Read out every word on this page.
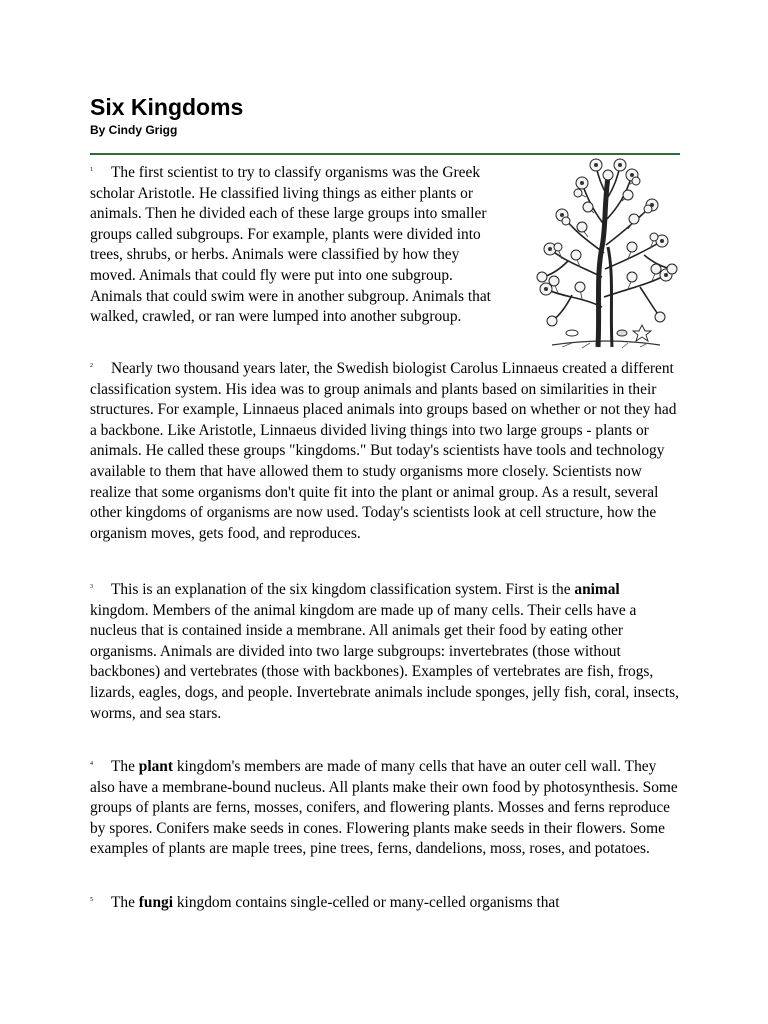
Six Kingdoms
By Cindy Grigg
$^1$ The first scientist to try to classify organisms was the Greek scholar Aristotle. He classified living things as either plants or animals. Then he divided each of these large groups into smaller groups called subgroups. For example, plants were divided into trees, shrubs, or herbs. Animals were classified by how they moved. Animals that could fly were put into one subgroup. Animals that could swim were in another subgroup. Animals that walked, crawled, or ran were lumped into another subgroup.
$^2$ Nearly two thousand years later, the Swedish biologist Carolus Linnaeus created a different classification system. His idea was to group animals and plants based on similarities in their structures. For example, Linnaeus placed animals into groups based on whether or not they had a backbone. Like Aristotle, Linnaeus divided living things into two large groups - plants or animals. He called these groups "kingdoms." But today's scientists have tools and technology available to them that have allowed them to study organisms more closely. Scientists now realize that some organisms don't quite fit into the plant or animal group. As a result, several other kingdoms of organisms are now used. Today's scientists look at cell structure, how the organism moves, gets food, and reproduces.
$^3$ This is an explanation of the six kingdom classification system. First is the animal kingdom. Members of the animal kingdom are made up of many cells. Their cells have a nucleus that is contained inside a membrane. All animals get their food by eating other organisms. Animals are divided into two large subgroups: invertebrates (those without backbones) and vertebrates (those with backbones). Examples of vertebrates are fish, frogs, lizards, eagles, dogs, and people. Invertebrate animals include sponges, jelly fish, coral, insects, worms, and sea stars.
$^4$ The plant kingdom's members are made of many cells that have an outer cell wall. They also have a membrane-bound nucleus. All plants make their own food by photosynthesis. Some groups of plants are ferns, mosses, conifers, and flowering plants. Mosses and ferns reproduce by spores. Conifers make seeds in cones. Flowering plants make seeds in their flowers. Some examples of plants are maple trees, pine trees, ferns, dandelions, moss, roses, and potatoes.
$^5$ The fungi kingdom contains single-celled or many-celled organisms that
